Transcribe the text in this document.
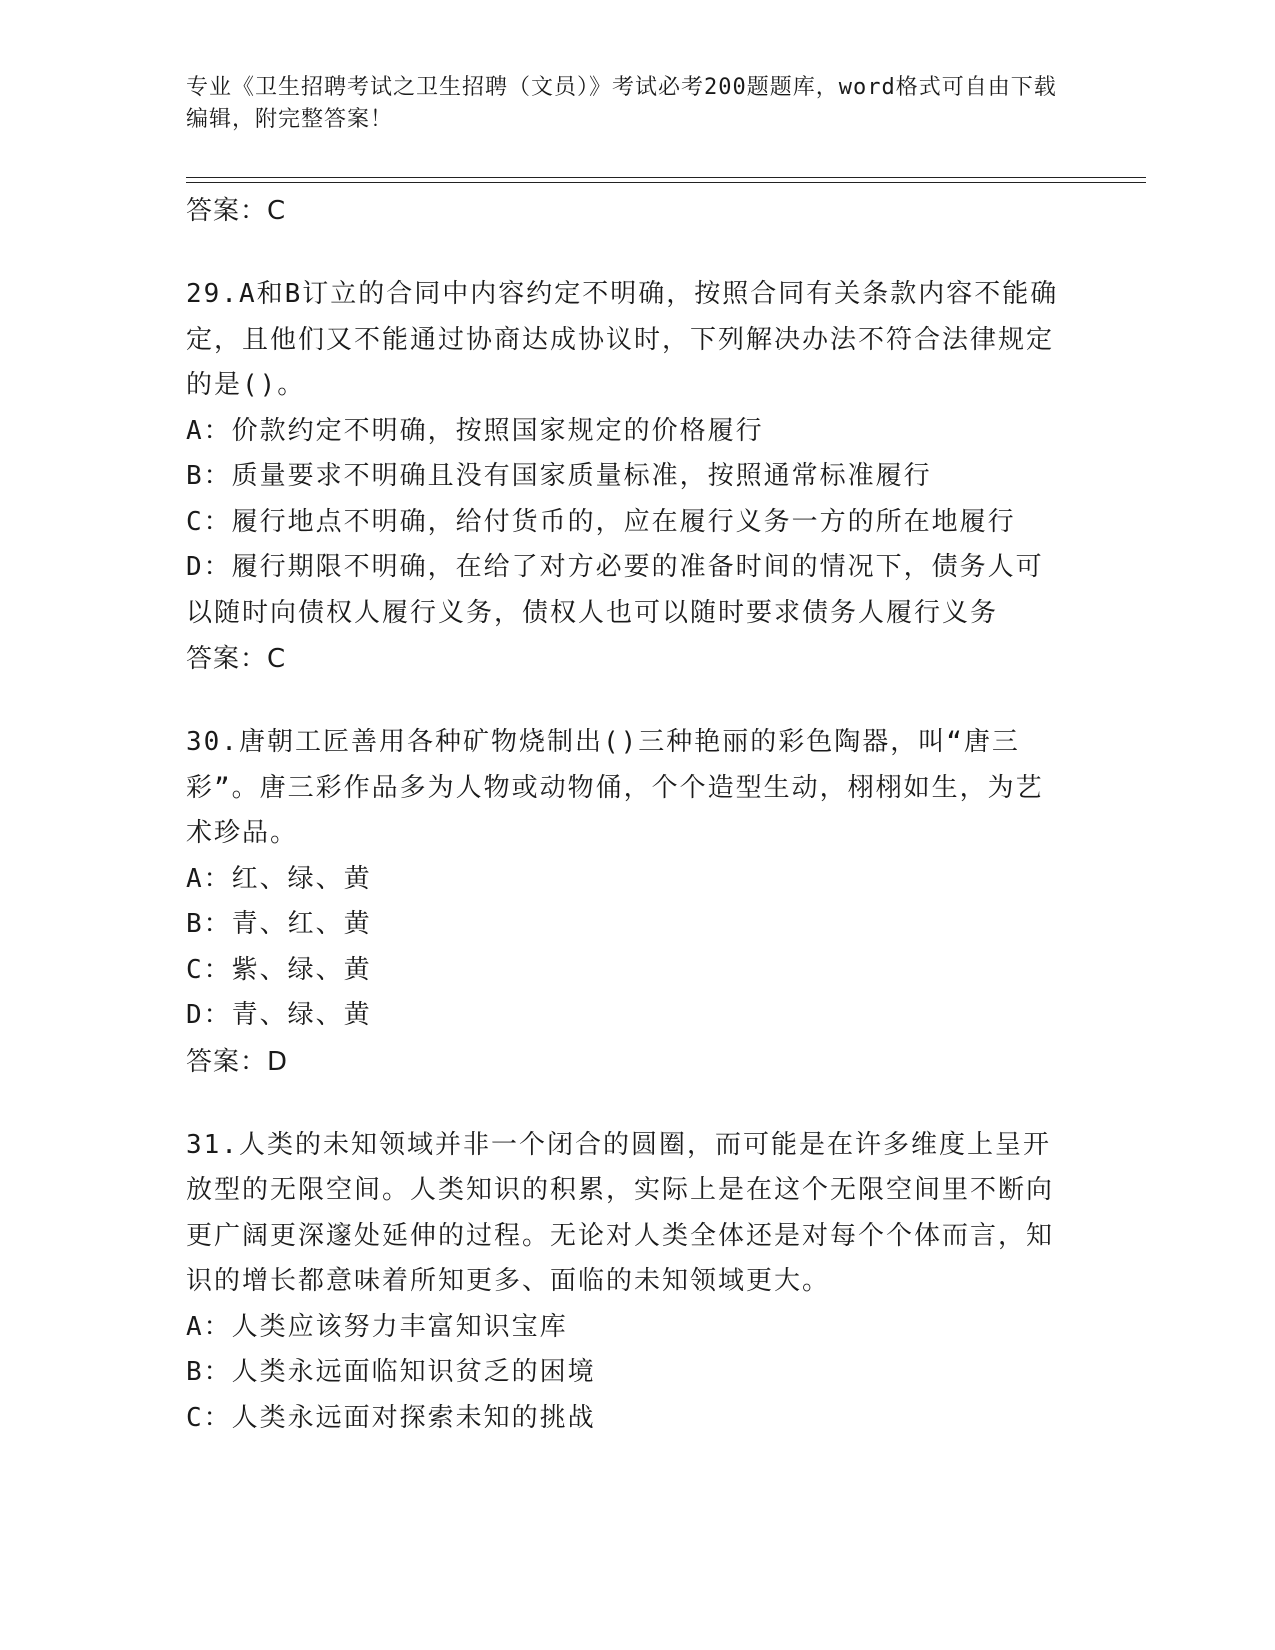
专业《卫生招聘考试之卫生招聘（文员）》考试必考200题题库，word格式可自由下载编辑，附完整答案！

答案：C

29.A和B订立的合同中内容约定不明确，按照合同有关条款内容不能确定，且他们又不能通过协商达成协议时，下列解决办法不符合法律规定的是()。

A：价款约定不明确，按照国家规定的价格履行
B：质量要求不明确且没有国家质量标准，按照通常标准履行
C：履行地点不明确，给付货币的，应在履行义务一方的所在地履行
D：履行期限不明确，在给了对方必要的准备时间的情况下，债务人可以随时向债权人履行义务，债权人也可以随时要求债务人履行义务

答案：C

30.唐朝工匠善用各种矿物烧制出()三种艳丽的彩色陶器，叫“唐三彩”。唐三彩作品多为人物或动物俑，个个造型生动，栩栩如生，为艺术珍品。

A：红、绿、黄
B：青、红、黄
C：紫、绿、黄
D：青、绿、黄

答案：D

31.人类的未知领域并非一个闭合的圆圈，而可能是在许多维度上呈开放型的无限空间。人类知识的积累，实际上是在这个无限空间里不断向更广阔更深邃处延伸的过程。无论对人类全体还是对每个个体而言，知识的增长都意味着所知更多、面临的未知领域更大。

A：人类应该努力丰富知识宝库
B：人类永远面临知识贫乏的困境
C：人类永远面对探索未知的挑战
